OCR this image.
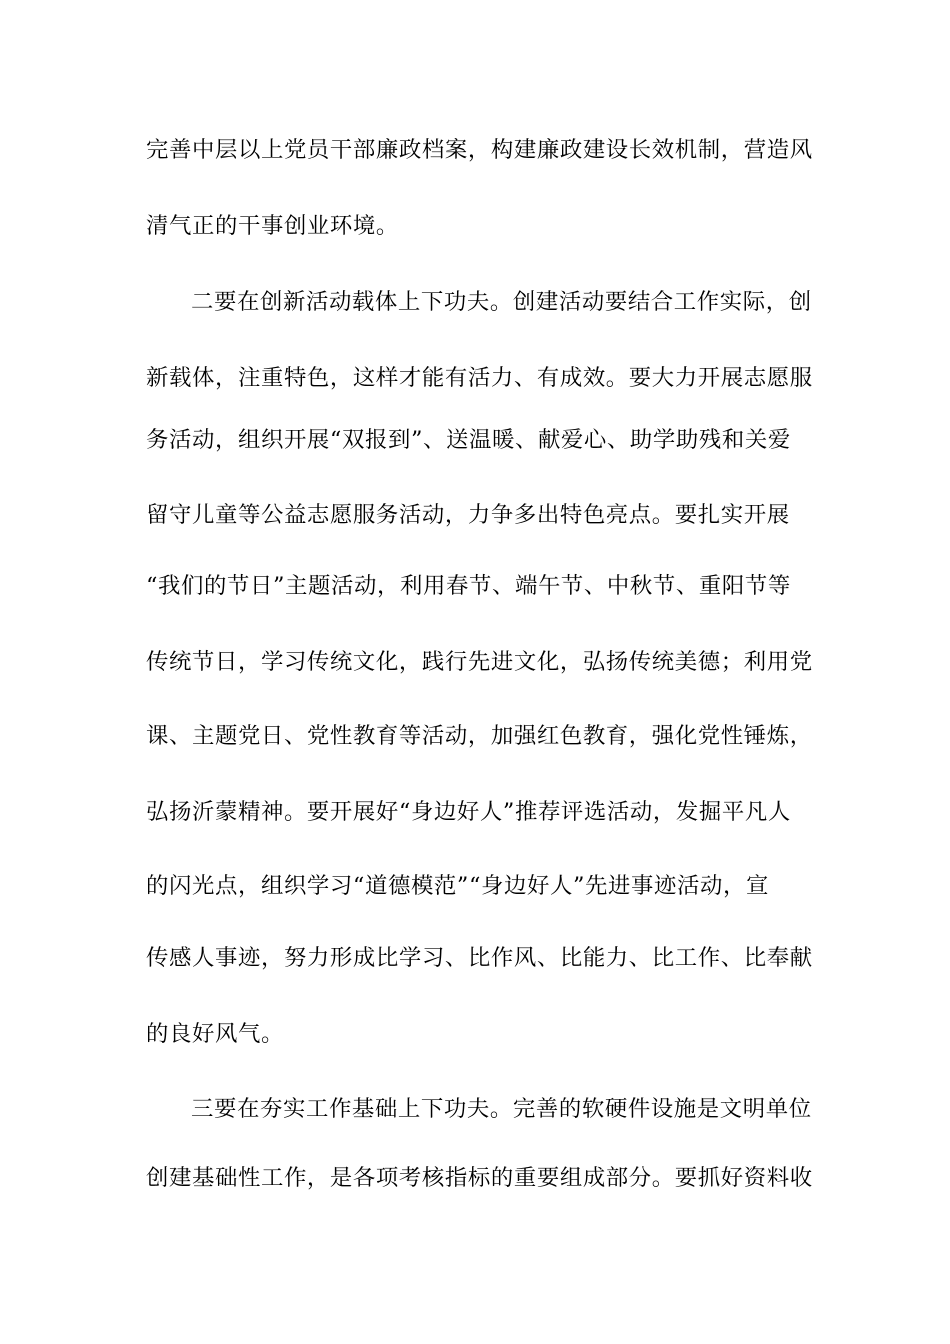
完善中层以上党员干部廉政档案，构建廉政建设长效机制，营造风
清气正的干事创业环境。
二要在创新活动载体上下功夫。创建活动要结合工作实际，创
新载体，注重特色，这样才能有活力、有成效。要大力开展志愿服
务活动，组织开展“双报到”、送温暖、献爱心、助学助残和关爱
留守儿童等公益志愿服务活动，力争多出特色亮点。要扎实开展
“我们的节日”主题活动，利用春节、端午节、中秋节、重阳节等
传统节日，学习传统文化，践行先进文化，弘扬传统美德；利用党
课、主题党日、党性教育等活动，加强红色教育，强化党性锤炼，
弘扬沂蒙精神。要开展好“身边好人”推荐评选活动，发掘平凡人
的闪光点，组织学习“道德模范”“身边好人”先进事迹活动，宣
传感人事迹，努力形成比学习、比作风、比能力、比工作、比奉献
的良好风气。
三要在夯实工作基础上下功夫。完善的软硬件设施是文明单位
创建基础性工作，是各项考核指标的重要组成部分。要抓好资料收
